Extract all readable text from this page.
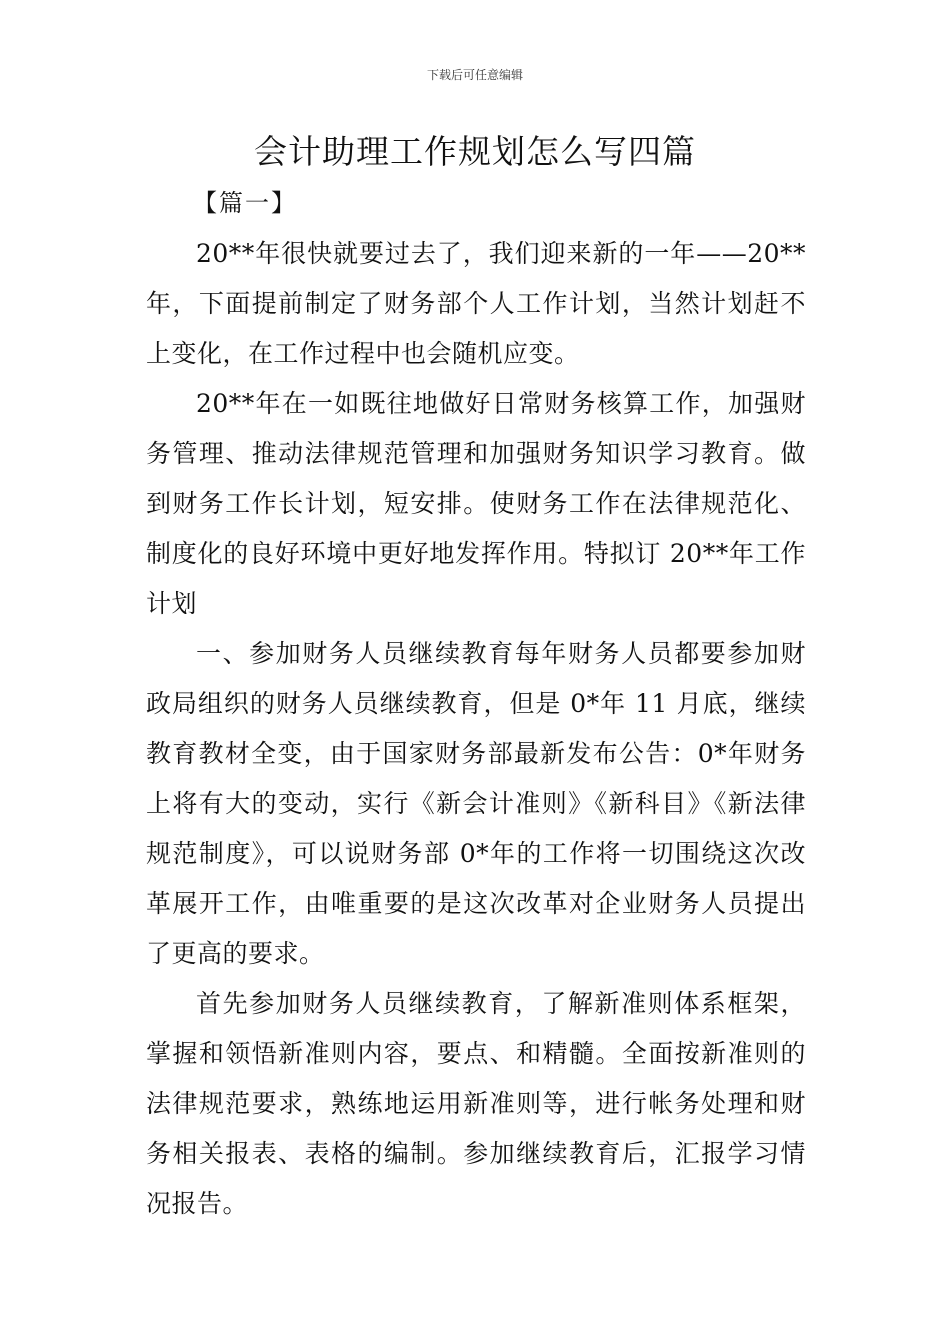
下载后可任意编辑
会计助理工作规划怎么写四篇
【篇一】

20**年很快就要过去了，我们迎来新的一年——20**年，下面提前制定了财务部个人工作计划，当然计划赶不上变化，在工作过程中也会随机应变。

20**年在一如既往地做好日常财务核算工作，加强财务管理、推动法律规范管理和加强财务知识学习教育。做到财务工作长计划，短安排。使财务工作在法律规范化、制度化的良好环境中更好地发挥作用。特拟订 20**年工作计划

一、参加财务人员继续教育每年财务人员都要参加财政局组织的财务人员继续教育，但是 0*年 11 月底，继续教育教材全变，由于国家财务部最新发布公告：0*年财务上将有大的变动，实行《新会计准则》《新科目》《新法律规范制度》，可以说财务部 0*年的工作将一切围绕这次改革展开工作，由唯重要的是这次改革对企业财务人员提出了更高的要求。

首先参加财务人员继续教育，了解新准则体系框架，掌握和领悟新准则内容，要点、和精髓。全面按新准则的法律规范要求，熟练地运用新准则等，进行帐务处理和财务相关报表、表格的编制。参加继续教育后，汇报学习情况报告。
